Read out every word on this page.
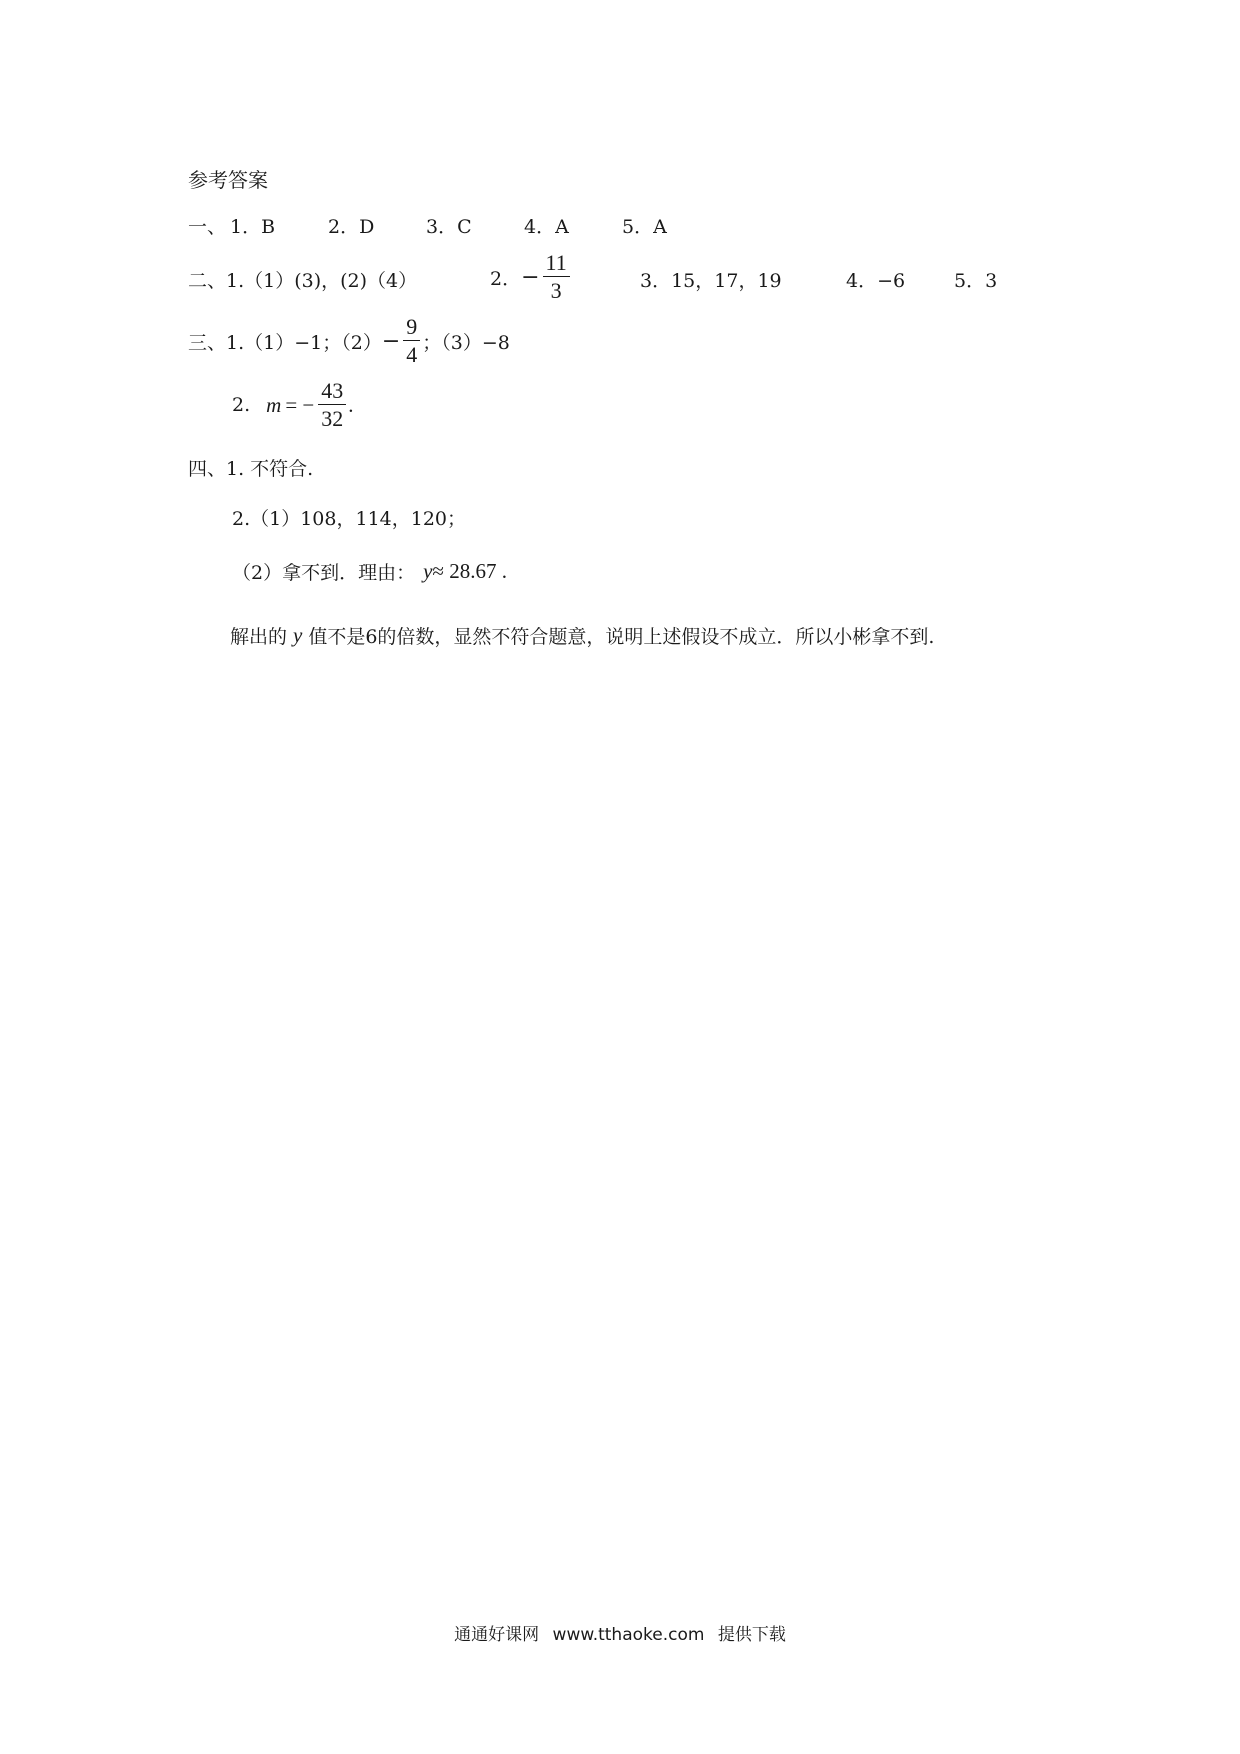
参考答案
一、 1．B	2．D	3．C	4．A	5．A
二、 1.（1）(3)，(2)（4）	2． − $\frac{11}{3}$	3．15，17，19	4．−6	5．3
三、 1.（1）−1；$(2) - \frac{9}{4}$ ；（3）−8
2. m = − $\frac{43}{32}$ .
四、 1. 不符合.
2.（1）108，114，120；
（2）拿不到．理由： y ≈ 28.67 .
解出的 y 值不是6的倍数，显然不符合题意，说明上述假设不成立．所以小彬拿不到.
通通好课网 www.tthaoke.com 提供下载
